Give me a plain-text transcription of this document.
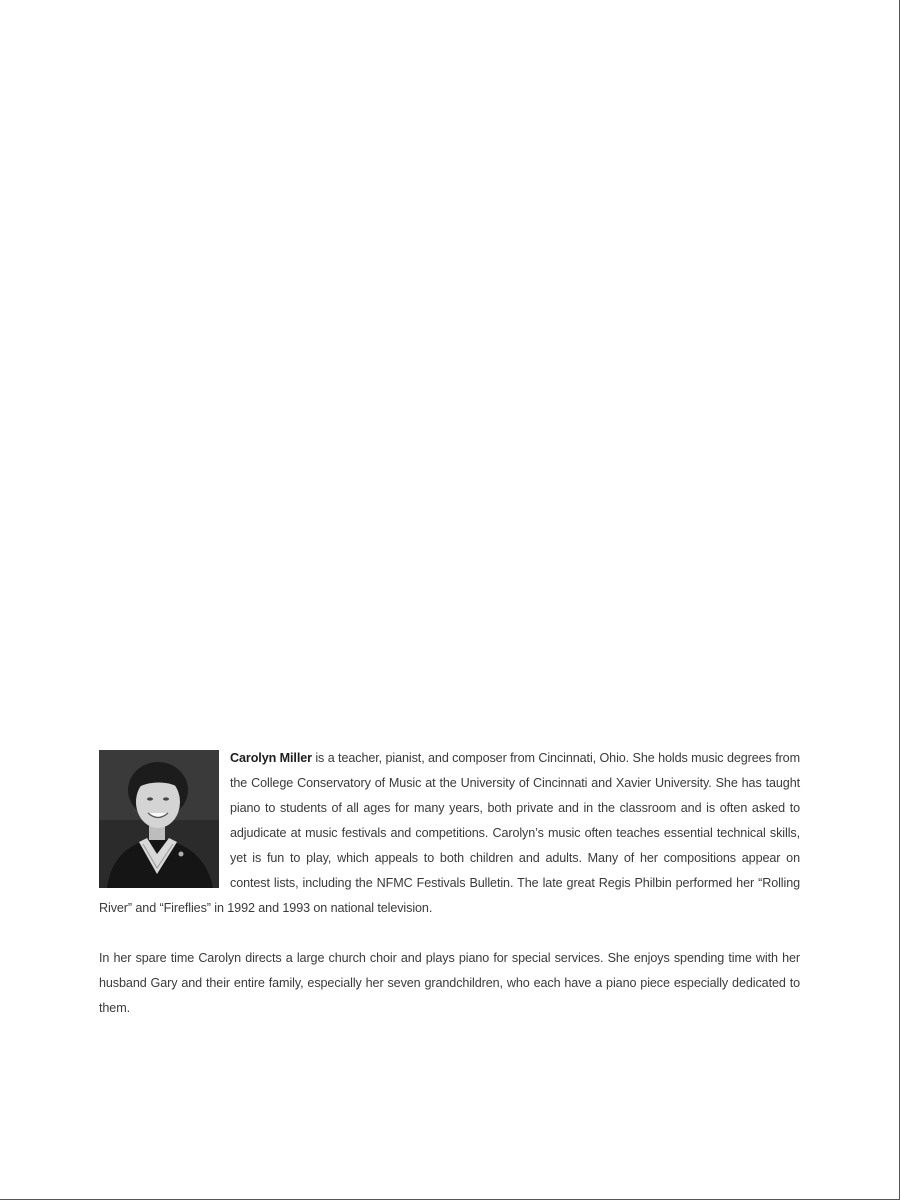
Carolyn Miller is a teacher, pianist, and composer from Cincinnati, Ohio. She holds music degrees from the College Conservatory of Music at the University of Cincinnati and Xavier University. She has taught piano to students of all ages for many years, both private and in the classroom and is often asked to adjudicate at music festivals and competitions. Carolyn’s music often teaches essential technical skills, yet is fun to play, which appeals to both children and adults. Many of her compositions appear on contest lists, including the NFMC Festivals Bulletin. The late great Regis Philbin performed her “Rolling River” and “Fireflies” in 1992 and 1993 on national television.

In her spare time Carolyn directs a large church choir and plays piano for special services. She enjoys spending time with her husband Gary and their entire family, especially her seven grandchildren, who each have a piano piece especially dedicated to them.
